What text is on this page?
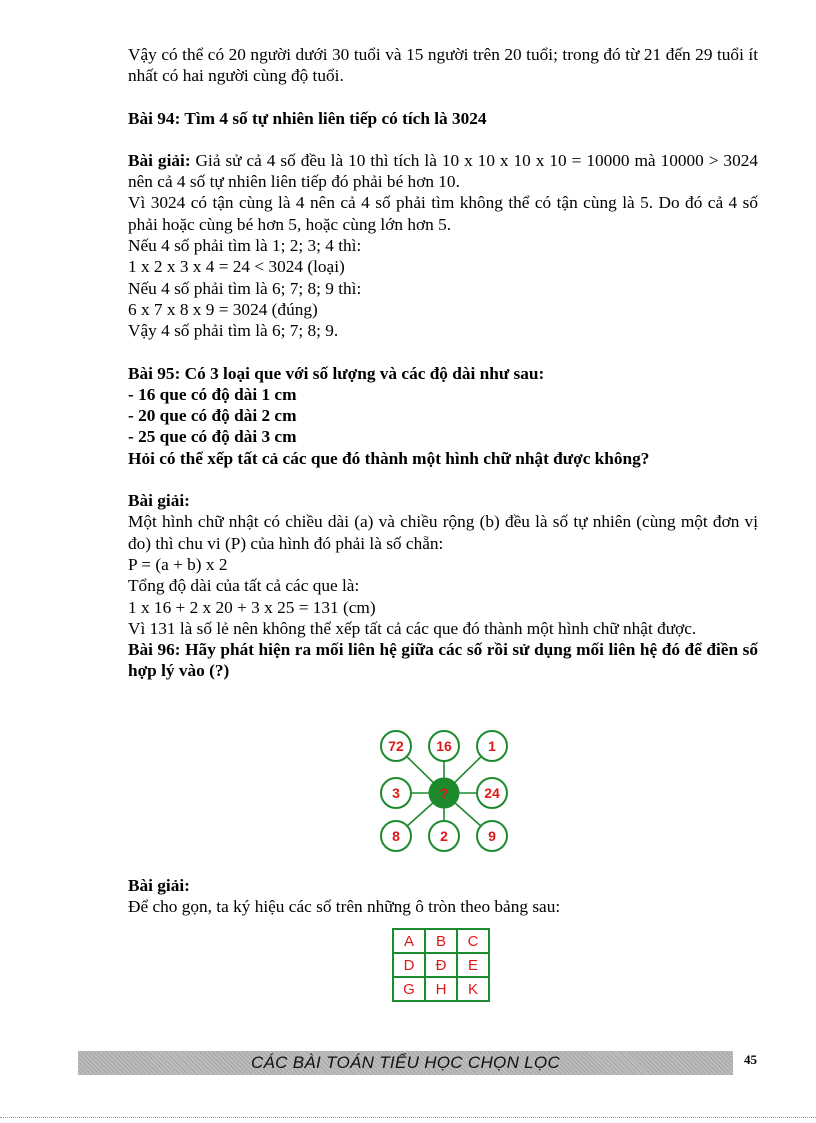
Vậy có thể có 20 người dưới 30 tuổi và 15 người trên 20 tuổi; trong đó từ 21 đến 29 tuổi ít nhất có hai người cùng độ tuổi.

Bài 94: Tìm 4 số tự nhiên liên tiếp có tích là 3024

Bài giải: Giả sử cả 4 số đều là 10 thì tích là 10 x 10 x 10 x 10 = 10000 mà 10000 > 3024 nên cả 4 số tự nhiên liên tiếp đó phải bé hơn 10.

Vì 3024 có tận cùng là 4 nên cả 4 số phải tìm không thể có tận cùng là 5. Do đó cả 4 số phải hoặc cùng bé hơn 5, hoặc cùng lớn hơn 5.

Nếu 4 số phải tìm là 1; 2; 3; 4 thì:

1 x 2 x 3 x 4 = 24 < 3024 (loại)

Nếu 4 số phải tìm là 6; 7; 8; 9 thì:

6 x 7 x 8 x 9 = 3024 (đúng)

Vậy 4 số phải tìm là 6; 7; 8; 9.

Bài 95: Có 3 loại que với số lượng và các độ dài như sau:

- 16 que có độ dài 1 cm

- 20 que có độ dài 2 cm

- 25 que có độ dài 3 cm

Hỏi có thể xếp tất cả các que đó thành một hình chữ nhật được không?

Bài giải:

Một hình chữ nhật có chiều dài (a) và chiều rộng (b) đều là số tự nhiên (cùng một đơn vị đo) thì chu vi (P) của hình đó phải là số chẵn:

P = (a + b) x 2

Tổng độ dài của tất cả các que là:

1 x 16 + 2 x 20 + 3 x 25 = 131 (cm)

Vì 131 là số lẻ nên không thể xếp tất cả các que đó thành một hình chữ nhật được.

Bài 96: Hãy phát hiện ra mối liên hệ giữa các số rồi sử dụng mối liên hệ đó để điền số hợp lý vào (?)

72 16	1
3	24
8	2	9
?

Bài giải:

Để cho gọn, ta ký hiệu các số trên những ô tròn theo bảng sau:

A	B	C
D	Đ	E
G	H	K
CÁC BÀI TOÁN TIỂU HỌC CHỌN LỌC	45
